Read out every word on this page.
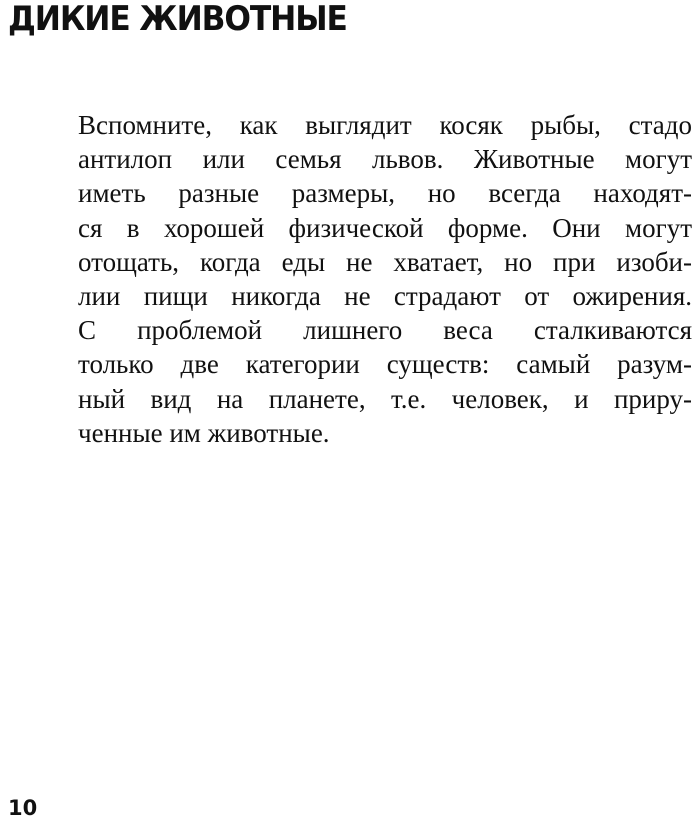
ДИКИЕ ЖИВОТНЫЕ
Вспомните, как выглядит косяк рыбы, стадо
антилоп или семья львов. Животные могут
иметь разные размеры, но всегда находят-
ся в хорошей физической форме. Они могут
отощать, когда еды не хватает, но при изоби-
лии пищи никогда не страдают от ожирения.
С проблемой лишнего веса сталкиваются
только две категории существ: самый разум-
ный вид на планете, т.е. человек, и приру-
ченные им животные.
10
